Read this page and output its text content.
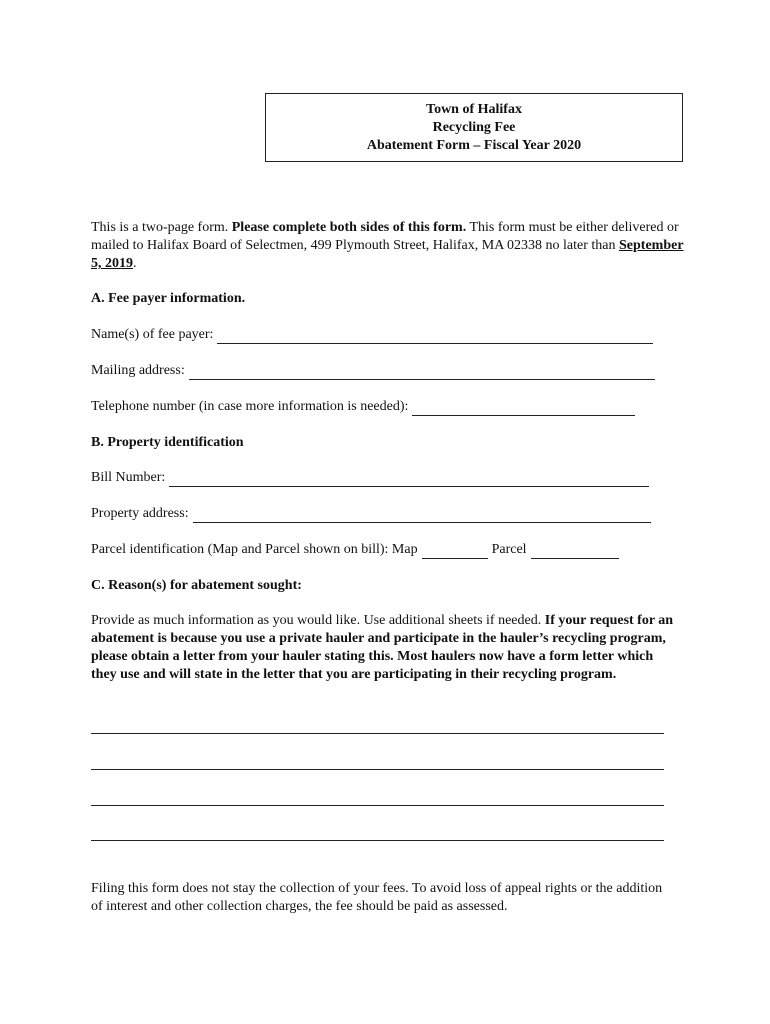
Town of Halifax
Recycling Fee
Abatement Form – Fiscal Year 2020
This is a two-page form. Please complete both sides of this form. This form must be either delivered or mailed to Halifax Board of Selectmen, 499 Plymouth Street, Halifax, MA 02338 no later than September 5, 2019.
A. Fee payer information.
Name(s) of fee payer:
Mailing address:
Telephone number (in case more information is needed):
B. Property identification
Bill Number:
Property address:
Parcel identification (Map and Parcel shown on bill): Map	Parcel
C. Reason(s) for abatement sought:
Provide as much information as you would like. Use additional sheets if needed. If your request for an abatement is because you use a private hauler and participate in the hauler’s recycling program, please obtain a letter from your hauler stating this. Most haulers now have a form letter which they use and will state in the letter that you are participating in their recycling program.
Filing this form does not stay the collection of your fees. To avoid loss of appeal rights or the addition of interest and other collection charges, the fee should be paid as assessed.
